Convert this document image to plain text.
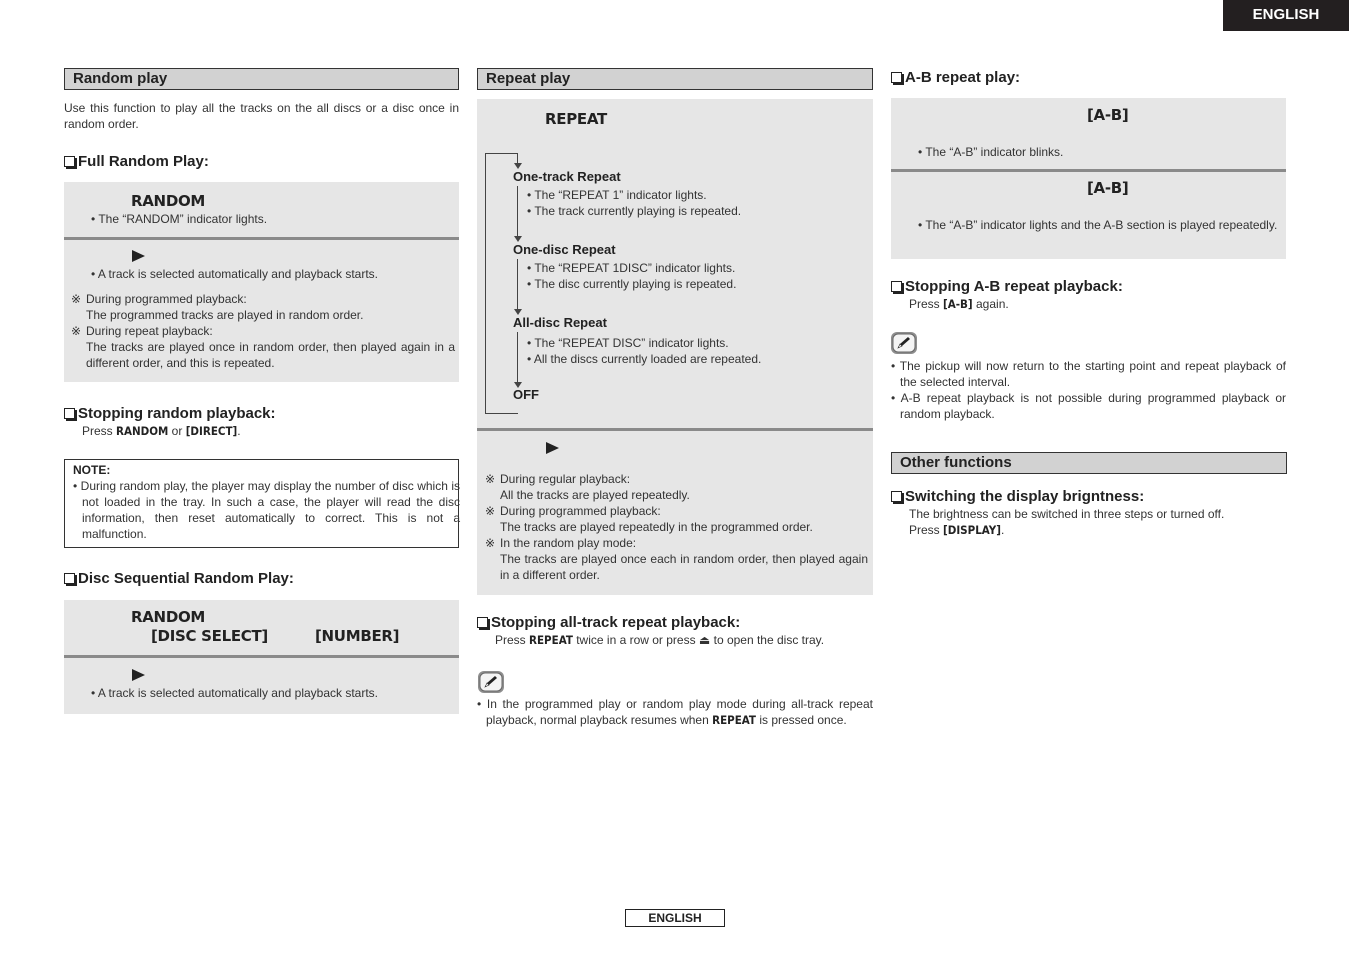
ENGLISH
Random play
Use this function to play all the tracks on the all discs or a disc once in random order.
Full Random Play:
RANDOM
• The “RANDOM” indicator lights.
• A track is selected automatically and playback starts.
※ During programmed playback:
The programmed tracks are played in random order.
※ During repeat playback:
The tracks are played once in random order, then played again in a different order, and this is repeated.
Stopping random playback:
Press RANDOM or [DIRECT].
NOTE:
• During random play, the player may display the number of disc which is not loaded in the tray. In such a case, the player will read the disc information, then reset automatically to correct. This is not a malfunction.
Disc Sequential Random Play:
RANDOM
[DISC SELECT]	[NUMBER]
• A track is selected automatically and playback starts.
Repeat play
REPEAT
One-track Repeat
• The “REPEAT 1” indicator lights.
• The track currently playing is repeated.
One-disc Repeat
• The “REPEAT 1DISC” indicator lights.
• The disc currently playing is repeated.
All-disc Repeat
• The “REPEAT DISC” indicator lights.
• All the discs currently loaded are repeated.
OFF
※ During regular playback:
All the tracks are played repeatedly.
※ During programmed playback:
The tracks are played repeatedly in the programmed order.
※ In the random play mode:
The tracks are played once each in random order, then played again in a different order.
Stopping all-track repeat playback:
Press REPEAT twice in a row or press ⏏ to open the disc tray.
• In the programmed play or random play mode during all-track repeat playback, normal playback resumes when REPEAT is pressed once.
A-B repeat play:
[A-B]
• The “A-B” indicator blinks.
[A-B]
• The “A-B” indicator lights and the A-B section is played repeatedly.
Stopping A-B repeat playback:
Press [A-B] again.
• The pickup will now return to the starting point and repeat playback of the selected interval.
• A-B repeat playback is not possible during programmed playback or random playback.
Other functions
Switching the display brigntness:
The brightness can be switched in three steps or turned off.
Press [DISPLAY].
ENGLISH
